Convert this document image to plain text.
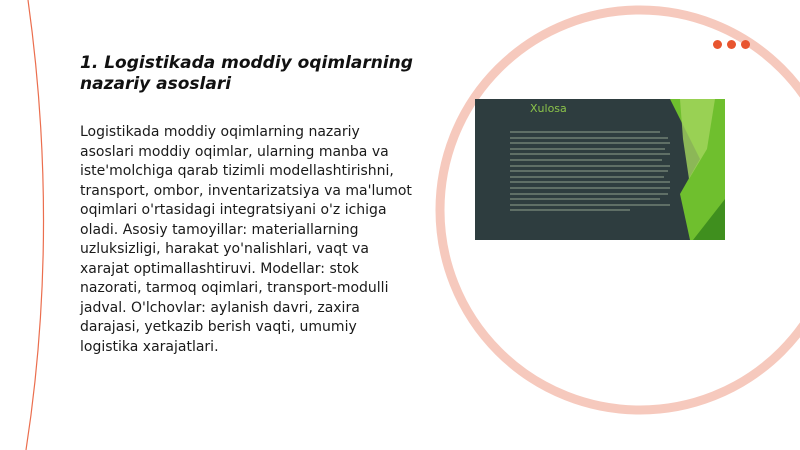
1. Logistikada moddiy oqimlarning nazariy asoslari

Logistikada moddiy oqimlarning nazariy asoslari moddiy oqimlar, ularning manba va iste'molchiga qarab tizimli modellashtirishni, transport, ombor, inventarizatsiya va ma'lumot oqimlari o'rtasidagi integratsiyani o'z ichiga oladi. Asosiy tamoyillar: materiallarning uzluksizligi, harakat yo'nalishlari, vaqt va xarajat optimallashtiruvi. Modellar: stok nazorati, tarmoq oqimlari, transport-modulli jadval. O'lchovlar: aylanish davri, zaxira darajasi, yetkazib berish vaqti, umumiy logistika xarajatlari.

Xulosa
